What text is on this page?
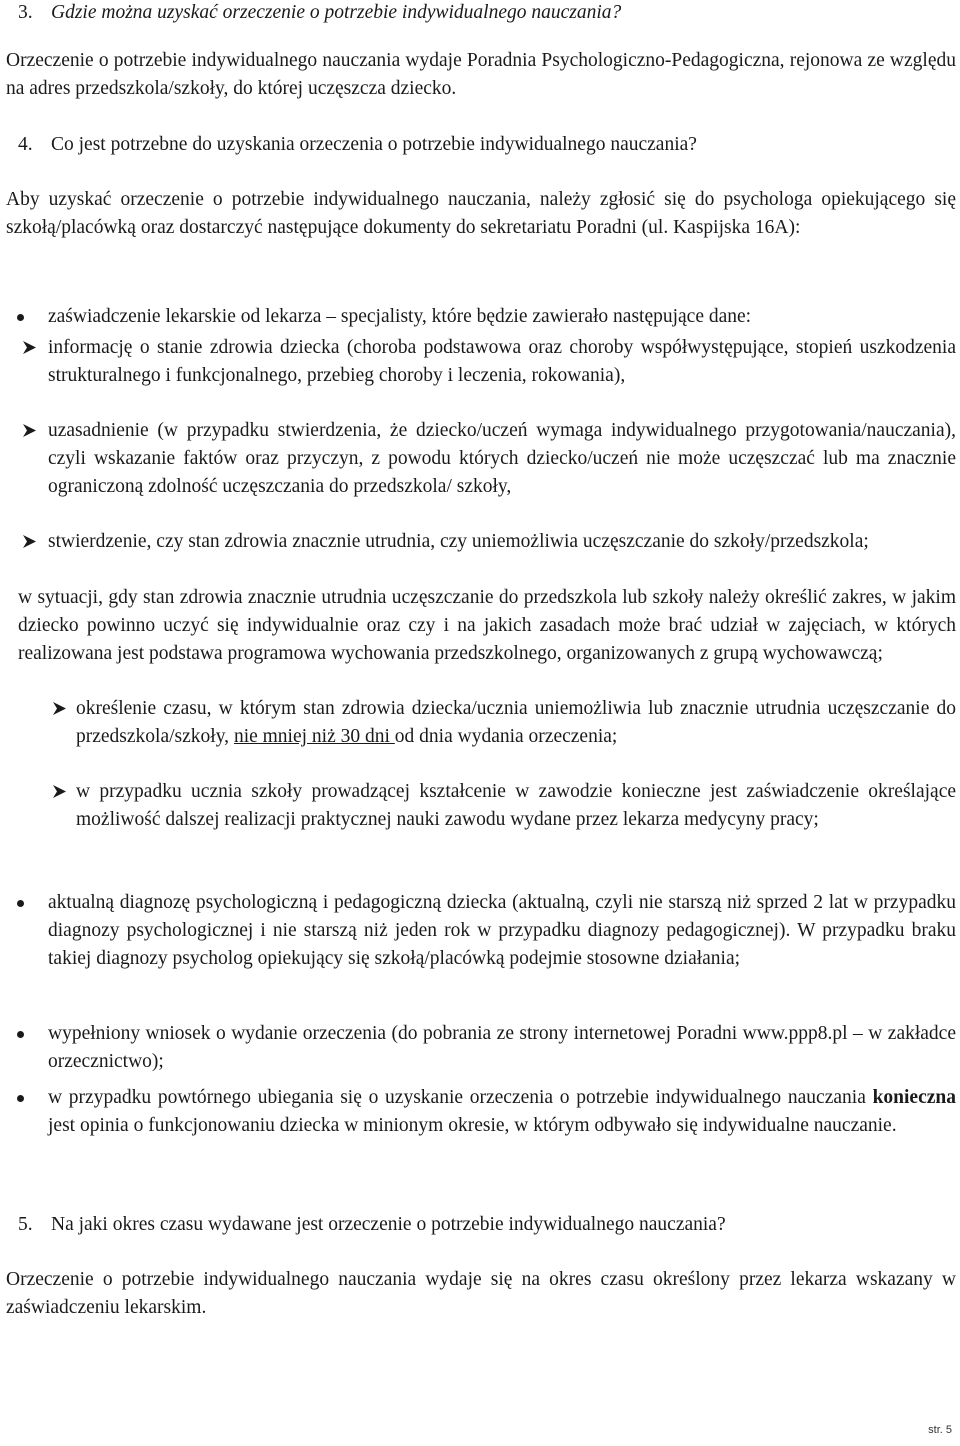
3. Gdzie można uzyskać orzeczenie o potrzebie indywidualnego nauczania?

Orzeczenie o potrzebie indywidualnego nauczania wydaje Poradnia Psychologiczno-Pedagogiczna, rejonowa ze względu na adres przedszkola/szkoły, do której uczęszcza dziecko.

4. Co jest potrzebne do uzyskania orzeczenia o potrzebie indywidualnego nauczania?

Aby uzyskać orzeczenie o potrzebie indywidualnego nauczania, należy zgłosić się do psychologa opiekującego się szkołą/placówką oraz dostarczyć następujące dokumenty do sekretariatu Poradni (ul. Kaspijska 16A):

zaświadczenie lekarskie od lekarza – specjalisty, które będzie zawierało następujące dane:

informację o stanie zdrowia dziecka (choroba podstawowa oraz choroby współwystępujące, stopień uszkodzenia strukturalnego i funkcjonalnego, przebieg choroby i leczenia, rokowania),

uzasadnienie (w przypadku stwierdzenia, że dziecko/uczeń wymaga indywidualnego przygotowania/nauczania), czyli wskazanie faktów oraz przyczyn, z powodu których dziecko/uczeń nie może uczęszczać lub ma znacznie ograniczoną zdolność uczęszczania do przedszkola/ szkoły,

stwierdzenie, czy stan zdrowia znacznie utrudnia, czy uniemożliwia uczęszczanie do szkoły/przedszkola;

w sytuacji, gdy stan zdrowia znacznie utrudnia uczęszczanie do przedszkola lub szkoły należy określić zakres, w jakim dziecko powinno uczyć się indywidualnie oraz czy i na jakich zasadach może brać udział w zajęciach, w których realizowana jest podstawa programowa wychowania przedszkolnego, organizowanych z grupą wychowawczą;

określenie czasu, w którym stan zdrowia dziecka/ucznia uniemożliwia lub znacznie utrudnia uczęszczanie do przedszkola/szkoły, nie mniej niż 30 dni od dnia wydania orzeczenia;

w przypadku ucznia szkoły prowadzącej kształcenie w zawodzie konieczne jest zaświadczenie określające możliwość dalszej realizacji praktycznej nauki zawodu wydane przez lekarza medycyny pracy;

aktualną diagnozę psychologiczną i pedagogiczną dziecka (aktualną, czyli nie starszą niż sprzed 2 lat w przypadku diagnozy psychologicznej i nie starszą niż jeden rok w przypadku diagnozy pedagogicznej). W przypadku braku takiej diagnozy psycholog opiekujący się szkołą/placówką podejmie stosowne działania;

wypełniony wniosek o wydanie orzeczenia (do pobrania ze strony internetowej Poradni www.ppp8.pl – w zakładce orzecznictwo);

w przypadku powtórnego ubiegania się o uzyskanie orzeczenia o potrzebie indywidualnego nauczania konieczna jest opinia o funkcjonowaniu dziecka w minionym okresie, w którym odbywało się indywidualne nauczanie.

5. Na jaki okres czasu wydawane jest orzeczenie o potrzebie indywidualnego nauczania?

Orzeczenie o potrzebie indywidualnego nauczania wydaje się na okres czasu określony przez lekarza wskazany w zaświadczeniu lekarskim.

str. 5
